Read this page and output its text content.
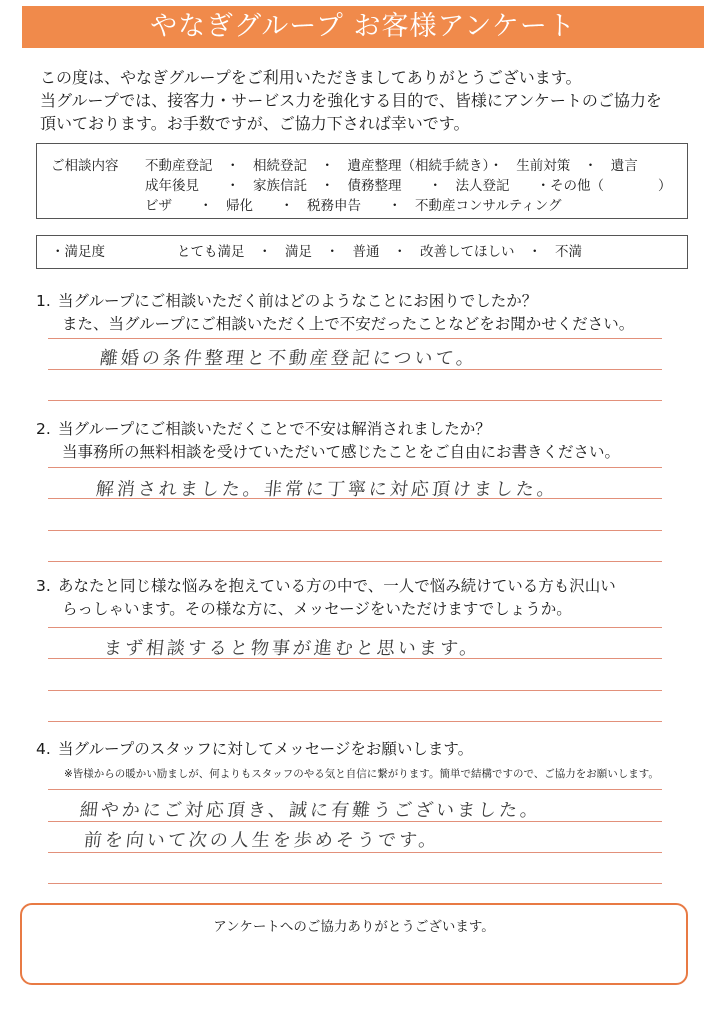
やなぎグループ お客様アンケート
この度は、やなぎグループをご利用いただきましてありがとうございます。
当グループでは、接客力・サービス力を強化する目的で、皆様にアンケートのご協力を
頂いております。お手数ですが、ご協力下されば幸いです。
ご相談内容 不動産登記　・　相続登記　・　遺産整理（相続手続き）・　生前対策　・　遺言
成年後見　　・　家族信託　・　債務整理　　・　法人登記　　・その他（　　　　）
ビザ　　・　帰化　　・　税務申告　　・　不動産コンサルティング
・満足度	とても満足　・　満足　・　普通　・　改善してほしい　・　不満
1. 当グループにご相談いただく前はどのようなことにお困りでしたか？
また、当グループにご相談いただく上で不安だったことなどをお聞かせください。
離婚の条件整理と不動産登記について。
2. 当グループにご相談いただくことで不安は解消されましたか？
当事務所の無料相談を受けていただいて感じたことをご自由にお書きください。
解消されました。非常に丁寧に対応頂けました。
3. あなたと同じ様な悩みを抱えている方の中で、一人で悩み続けている方も沢山い
らっしゃいます。その様な方に、メッセージをいただけますでしょうか。
まず相談すると物事が進むと思います。
4. 当グループのスタッフに対してメッセージをお願いします。
※皆様からの暖かい励ましが、何よりもスタッフのやる気と自信に繋がります。簡単で結構ですので、ご協力をお願いします。
細やかにご対応頂き、誠に有難うございました。
前を向いて次の人生を歩めそうです。
アンケートへのご協力ありがとうございます。
